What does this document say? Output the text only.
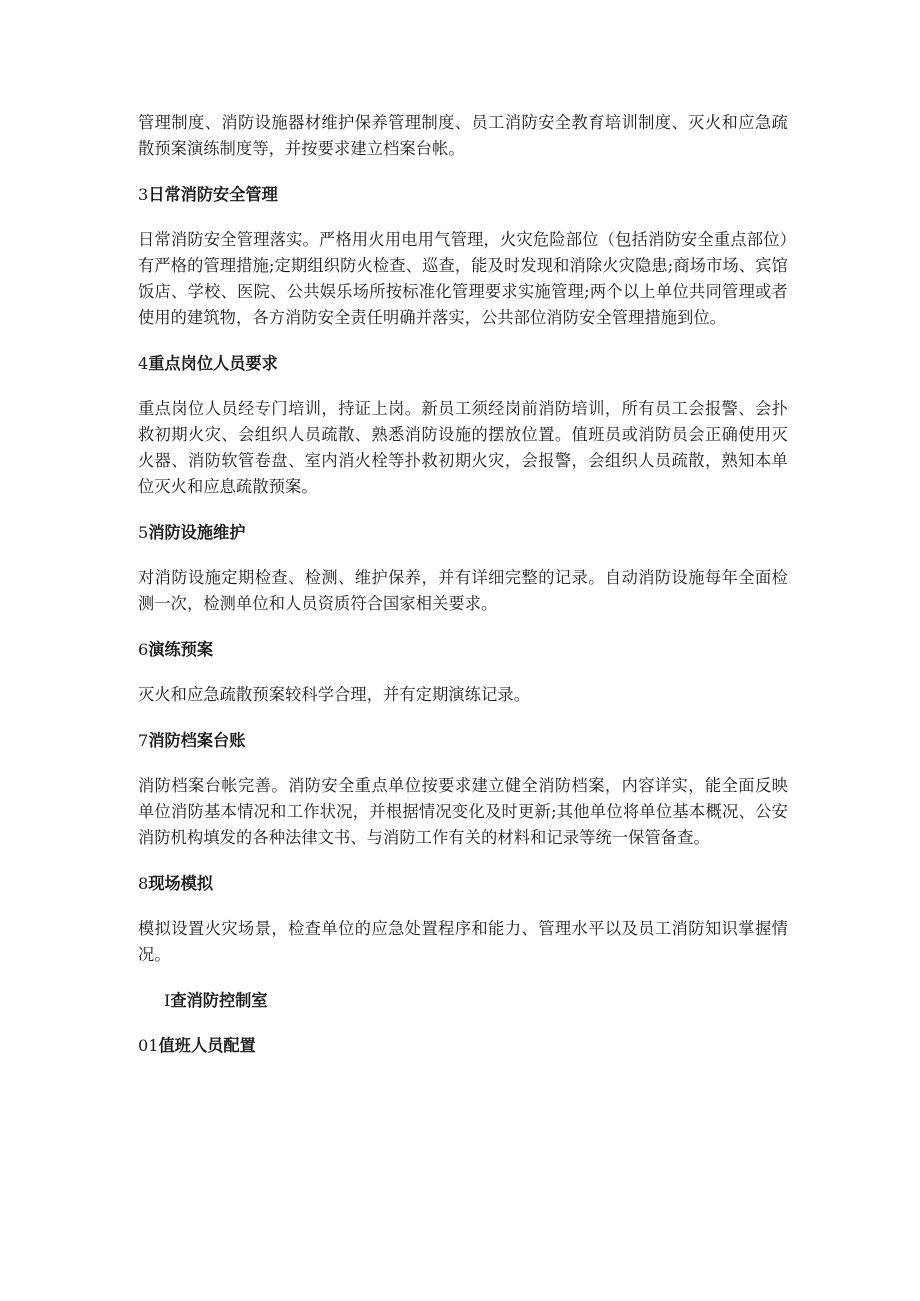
管理制度、消防设施器材维护保养管理制度、员工消防安全教育培训制度、灭火和应急疏散预案演练制度等，并按要求建立档案台帐。

3日常消防安全管理

日常消防安全管理落实。严格用火用电用气管理，火灾危险部位（包括消防安全重点部位）有严格的管理措施;定期组织防火检查、巡查，能及时发现和消除火灾隐患;商场市场、宾馆饭店、学校、医院、公共娱乐场所按标准化管理要求实施管理;两个以上单位共同管理或者使用的建筑物，各方消防安全责任明确并落实，公共部位消防安全管理措施到位。

4重点岗位人员要求

重点岗位人员经专门培训，持证上岗。新员工须经岗前消防培训，所有员工会报警、会扑救初期火灾、会组织人员疏散、熟悉消防设施的摆放位置。值班员或消防员会正确使用灭火器、消防软管卷盘、室内消火栓等扑救初期火灾，会报警，会组织人员疏散，熟知本单位灭火和应息疏散预案。

5消防设施维护

对消防设施定期检查、检测、维护保养，并有详细完整的记录。自动消防设施每年全面检测一次，检测单位和人员资质符合国家相关要求。

6演练预案

灭火和应急疏散预案较科学合理，并有定期演练记录。

7消防档案台账

消防档案台帐完善。消防安全重点单位按要求建立健全消防档案，内容详实，能全面反映单位消防基本情况和工作状况，并根据情况变化及时更新;其他单位将单位基本概况、公安消防机构填发的各种法律文书、与消防工作有关的材料和记录等统一保管备查。

8现场模拟

模拟设置火灾场景，检查单位的应急处置程序和能力、管理水平以及员工消防知识掌握情况。

I查消防控制室
01值班人员配置
